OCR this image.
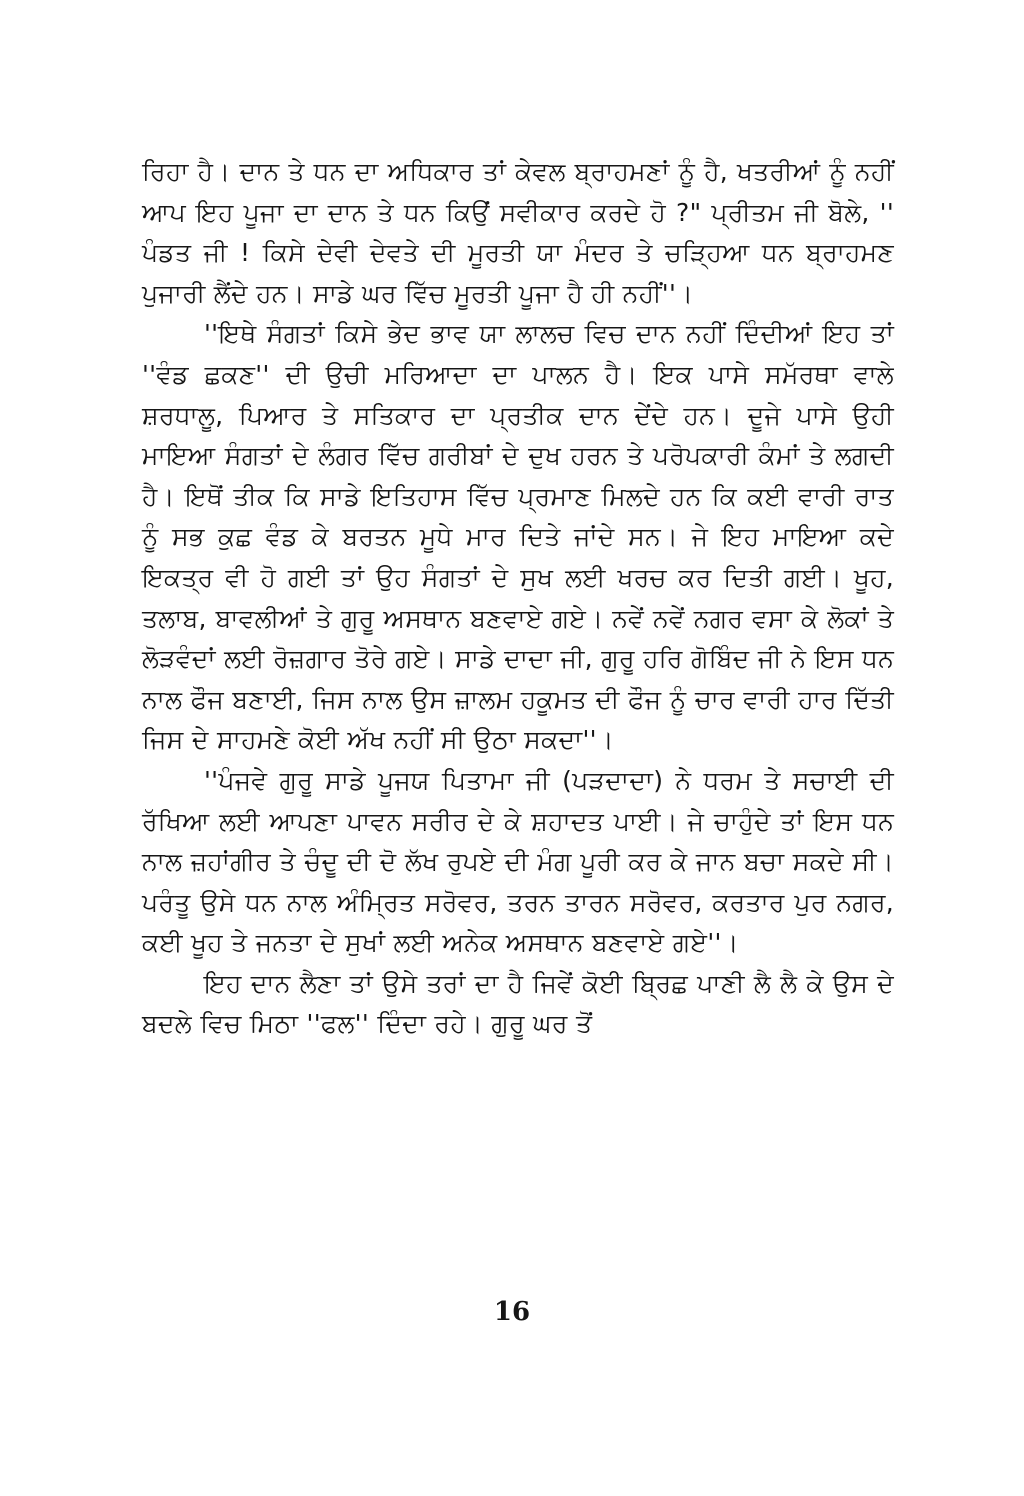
ਰਿਹਾ ਹੈ। ਦਾਨ ਤੇ ਧਨ ਦਾ ਅਧਿਕਾਰ ਤਾਂ ਕੇਵਲ ਬ੍ਰਾਹਮਣਾਂ ਨੂੰ ਹੈ, ਖਤਰੀਆਂ ਨੂੰ ਨਹੀਂ ਆਪ ਇਹ ਪੂਜਾ ਦਾ ਦਾਨ ਤੇ ਧਨ ਕਿਉਂ ਸਵੀਕਾਰ ਕਰਦੇ ਹੋ ?" ਪ੍ਰੀਤਮ ਜੀ ਬੋਲੇ, '' ਪੰਡਤ ਜੀ ! ਕਿਸੇ ਦੇਵੀ ਦੇਵਤੇ ਦੀ ਮੂਰਤੀ ਯਾ ਮੰਦਰ ਤੇ ਚੜ੍ਹਿਆ ਧਨ ਬ੍ਰਾਹਮਣ ਪੁਜਾਰੀ ਲੈਂਦੇ ਹਨ। ਸਾਡੇ ਘਰ ਵਿੱਚ ਮੂਰਤੀ ਪੂਜਾ ਹੈ ਹੀ ਨਹੀਂ''।

''ਇਥੇ ਸੰਗਤਾਂ ਕਿਸੇ ਭੇਦ ਭਾਵ ਯਾ ਲਾਲਚ ਵਿਚ ਦਾਨ ਨਹੀਂ ਦਿੰਦੀਆਂ ਇਹ ਤਾਂ ''ਵੰਡ ਛਕਣ'' ਦੀ ਉਚੀ ਮਰਿਆਦਾ ਦਾ ਪਾਲਨ ਹੈ। ਇਕ ਪਾਸੇ ਸਮੱਰਥਾ ਵਾਲੇ ਸ਼ਰਧਾਲੂ, ਪਿਆਰ ਤੇ ਸਤਿਕਾਰ ਦਾ ਪ੍ਰਤੀਕ ਦਾਨ ਦੇਂਦੇ ਹਨ। ਦੂਜੇ ਪਾਸੇ ਉਹੀ ਮਾਇਆ ਸੰਗਤਾਂ ਦੇ ਲੰਗਰ ਵਿੱਚ ਗਰੀਬਾਂ ਦੇ ਦੁਖ ਹਰਨ ਤੇ ਪਰੋਪਕਾਰੀ ਕੰਮਾਂ ਤੇ ਲਗਦੀ ਹੈ। ਇਥੋਂ ਤੀਕ ਕਿ ਸਾਡੇ ਇਤਿਹਾਸ ਵਿੱਚ ਪ੍ਰਮਾਣ ਮਿਲਦੇ ਹਨ ਕਿ ਕਈ ਵਾਰੀ ਰਾਤ ਨੂੰ ਸਭ ਕੁਛ ਵੰਡ ਕੇ ਬਰਤਨ ਮੂਧੇ ਮਾਰ ਦਿਤੇ ਜਾਂਦੇ ਸਨ। ਜੇ ਇਹ ਮਾਇਆ ਕਦੇ ਇਕਤ੍ਰ ਵੀ ਹੋ ਗਈ ਤਾਂ ਉਹ ਸੰਗਤਾਂ ਦੇ ਸੁਖ ਲਈ ਖਰਚ ਕਰ ਦਿਤੀ ਗਈ। ਖੂਹ, ਤਲਾਬ, ਬਾਵਲੀਆਂ ਤੇ ਗੁਰੂ ਅਸਥਾਨ ਬਣਵਾਏ ਗਏ। ਨਵੇਂ ਨਵੇਂ ਨਗਰ ਵਸਾ ਕੇ ਲੋਕਾਂ ਤੇ ਲੋੜਵੰਦਾਂ ਲਈ ਰੋਜ਼ਗਾਰ ਤੋਰੇ ਗਏ। ਸਾਡੇ ਦਾਦਾ ਜੀ, ਗੁਰੂ ਹਰਿ ਗੋਬਿੰਦ ਜੀ ਨੇ ਇਸ ਧਨ ਨਾਲ ਫੌਜ ਬਣਾਈ, ਜਿਸ ਨਾਲ ਉਸ ਜ਼ਾਲਮ ਹਕੂਮਤ ਦੀ ਫੌਜ ਨੂੰ ਚਾਰ ਵਾਰੀ ਹਾਰ ਦਿੱਤੀ ਜਿਸ ਦੇ ਸਾਹਮਣੇ ਕੋਈ ਅੱਖ ਨਹੀਂ ਸੀ ਉਠਾ ਸਕਦਾ''।

''ਪੰਜਵੇ ਗੁਰੂ ਸਾਡੇ ਪੂਜਯ ਪਿਤਾਮਾ ਜੀ (ਪੜਦਾਦਾ) ਨੇ ਧਰਮ ਤੇ ਸਚਾਈ ਦੀ ਰੱਖਿਆ ਲਈ ਆਪਣਾ ਪਾਵਨ ਸਰੀਰ ਦੇ ਕੇ ਸ਼ਹਾਦਤ ਪਾਈ। ਜੇ ਚਾਹੁੰਦੇ ਤਾਂ ਇਸ ਧਨ ਨਾਲ ਜ਼ਹਾਂਗੀਰ ਤੇ ਚੰਦੂ ਦੀ ਦੋ ਲੱਖ ਰੁਪਏ ਦੀ ਮੰਗ ਪੂਰੀ ਕਰ ਕੇ ਜਾਨ ਬਚਾ ਸਕਦੇ ਸੀ। ਪਰੰਤੂ ਉਸੇ ਧਨ ਨਾਲ ਅੰਮ੍ਰਿਤ ਸਰੋਵਰ, ਤਰਨ ਤਾਰਨ ਸਰੋਵਰ, ਕਰਤਾਰ ਪੁਰ ਨਗਰ, ਕਈ ਖੂਹ ਤੇ ਜਨਤਾ ਦੇ ਸੁਖਾਂ ਲਈ ਅਨੇਕ ਅਸਥਾਨ ਬਣਵਾਏ ਗਏ''।

ਇਹ ਦਾਨ ਲੈਣਾ ਤਾਂ ਉਸੇ ਤਰਾਂ ਦਾ ਹੈ ਜਿਵੇਂ ਕੋਈ ਬ੍ਰਿਛ ਪਾਣੀ ਲੈ ਲੈ ਕੇ ਉਸ ਦੇ ਬਦਲੇ ਵਿਚ ਮਿਠਾ ''ਫਲ'' ਦਿੰਦਾ ਰਹੇ। ਗੁਰੂ ਘਰ ਤੋਂ

16
